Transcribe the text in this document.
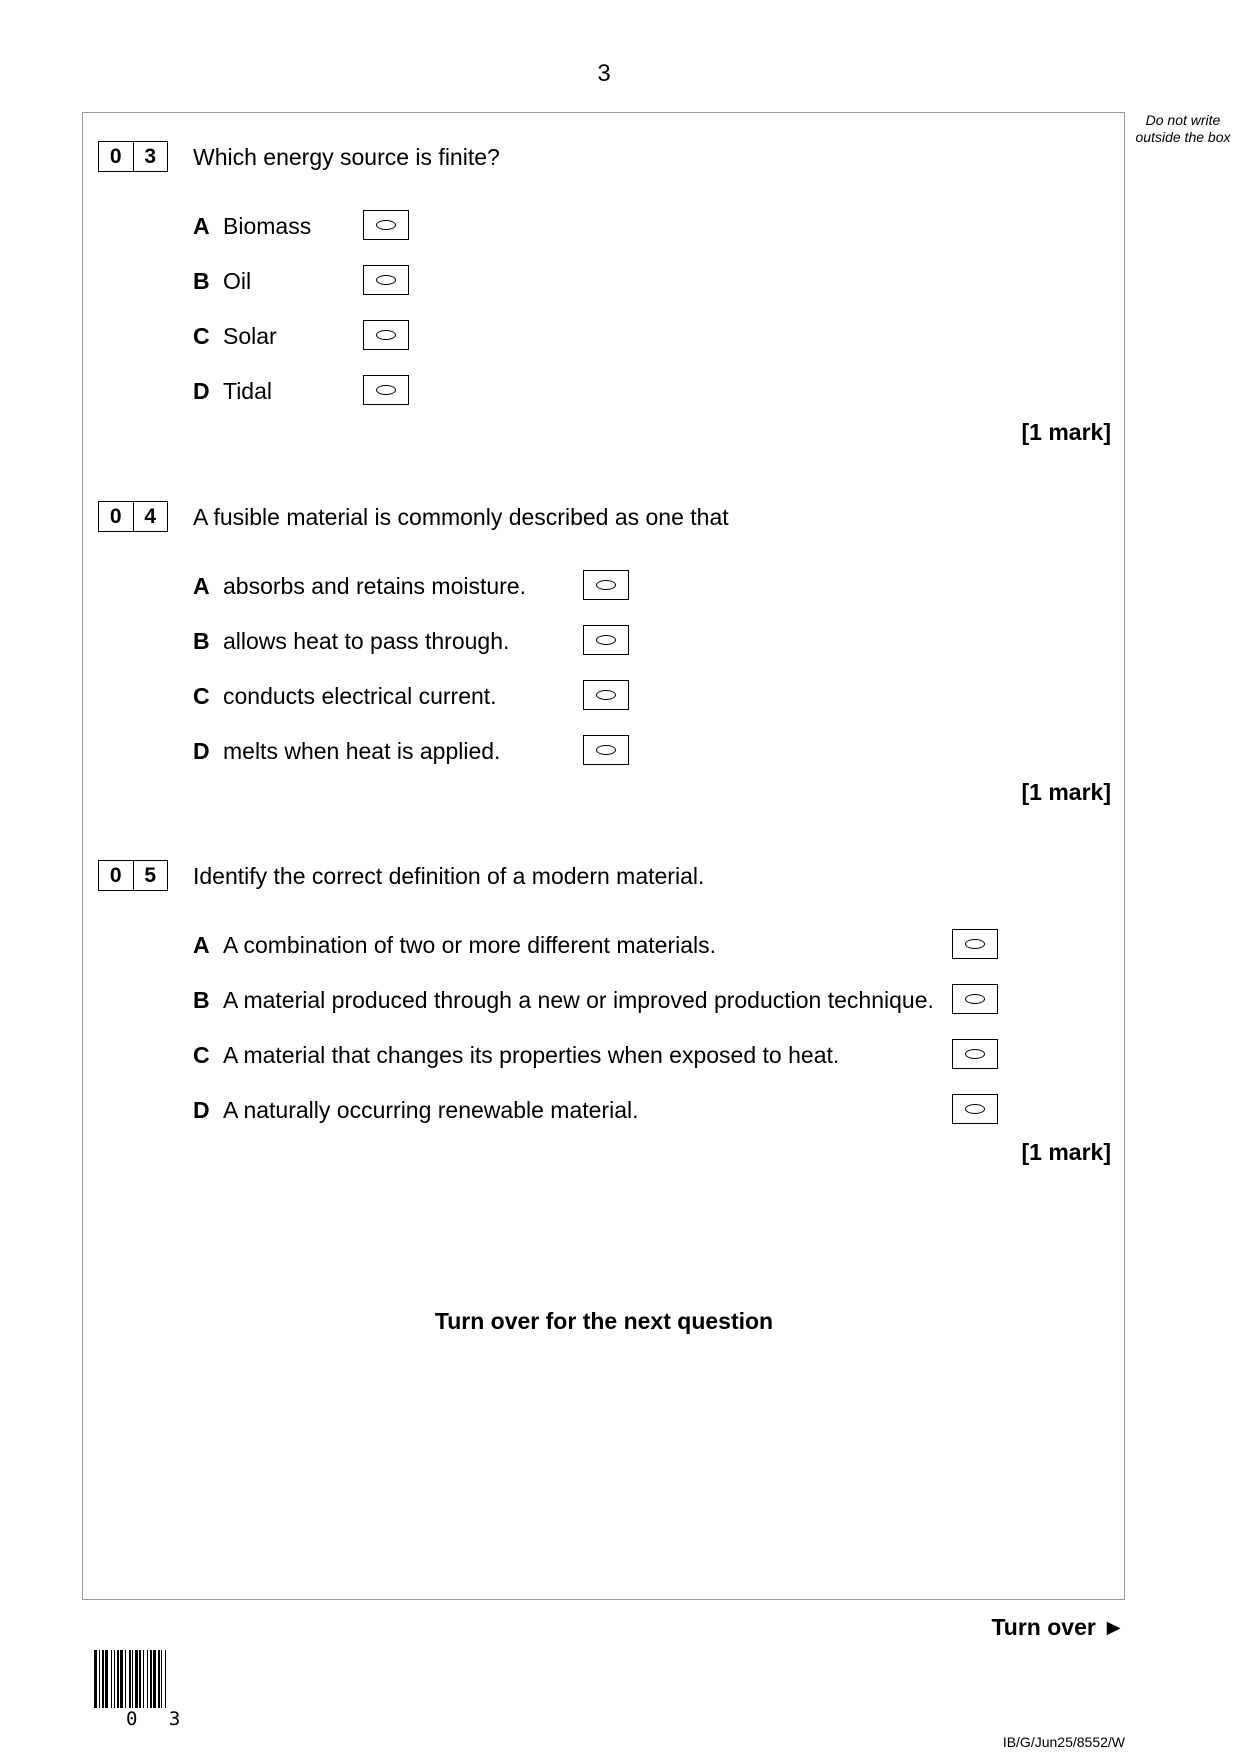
3
Do not write outside the box
0	3	Which energy source is finite?
A Biomass
B Oil
C Solar
D Tidal
[1 mark]
0	4	A fusible material is commonly described as one that
A absorbs and retains moisture.
B allows heat to pass through.
C conducts electrical current.
D melts when heat is applied.
[1 mark]
0	5	Identify the correct definition of a modern material.
A A combination of two or more different materials.
B A material produced through a new or improved production technique.
C A material that changes its properties when exposed to heat.
D A naturally occurring renewable material.
[1 mark]
Turn over for the next question
Turn over ►
0 3
IB/G/Jun25/8552/W
